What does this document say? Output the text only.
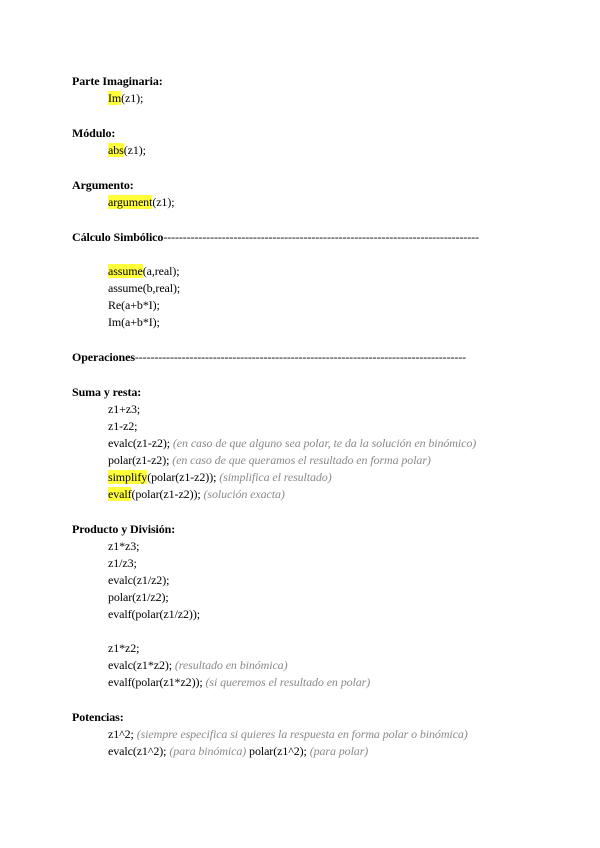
Parte Imaginaria:
Im(z1);
Módulo:
abs(z1);
Argumento:
argument(z1);
Cálculo Simbólico---------------------------------------------------------------------------------
assume(a,real);
assume(b,real);
Re(a+b*I);
Im(a+b*I);
Operaciones-------------------------------------------------------------------------------------
Suma y resta:
z1+z3;
z1-z2;
evalc(z1-z2); (en caso de que alguno sea polar, te da la solución en binómico)
polar(z1-z2); (en caso de que queramos el resultado en forma polar)
simplify(polar(z1-z2)); (simplifica el resultado)
evalf(polar(z1-z2)); (solución exacta)
Producto y División:
z1*z3;
z1/z3;
evalc(z1/z2);
polar(z1/z2);
evalf(polar(z1/z2));
z1*z2;
evalc(z1*z2); (resultado en binómica)
evalf(polar(z1*z2)); (si queremos el resultado en polar)
Potencias:
z1^2; (siempre especifica si quieres la respuesta en forma polar o binómica)
evalc(z1^2); (para binómica) polar(z1^2); (para polar)
